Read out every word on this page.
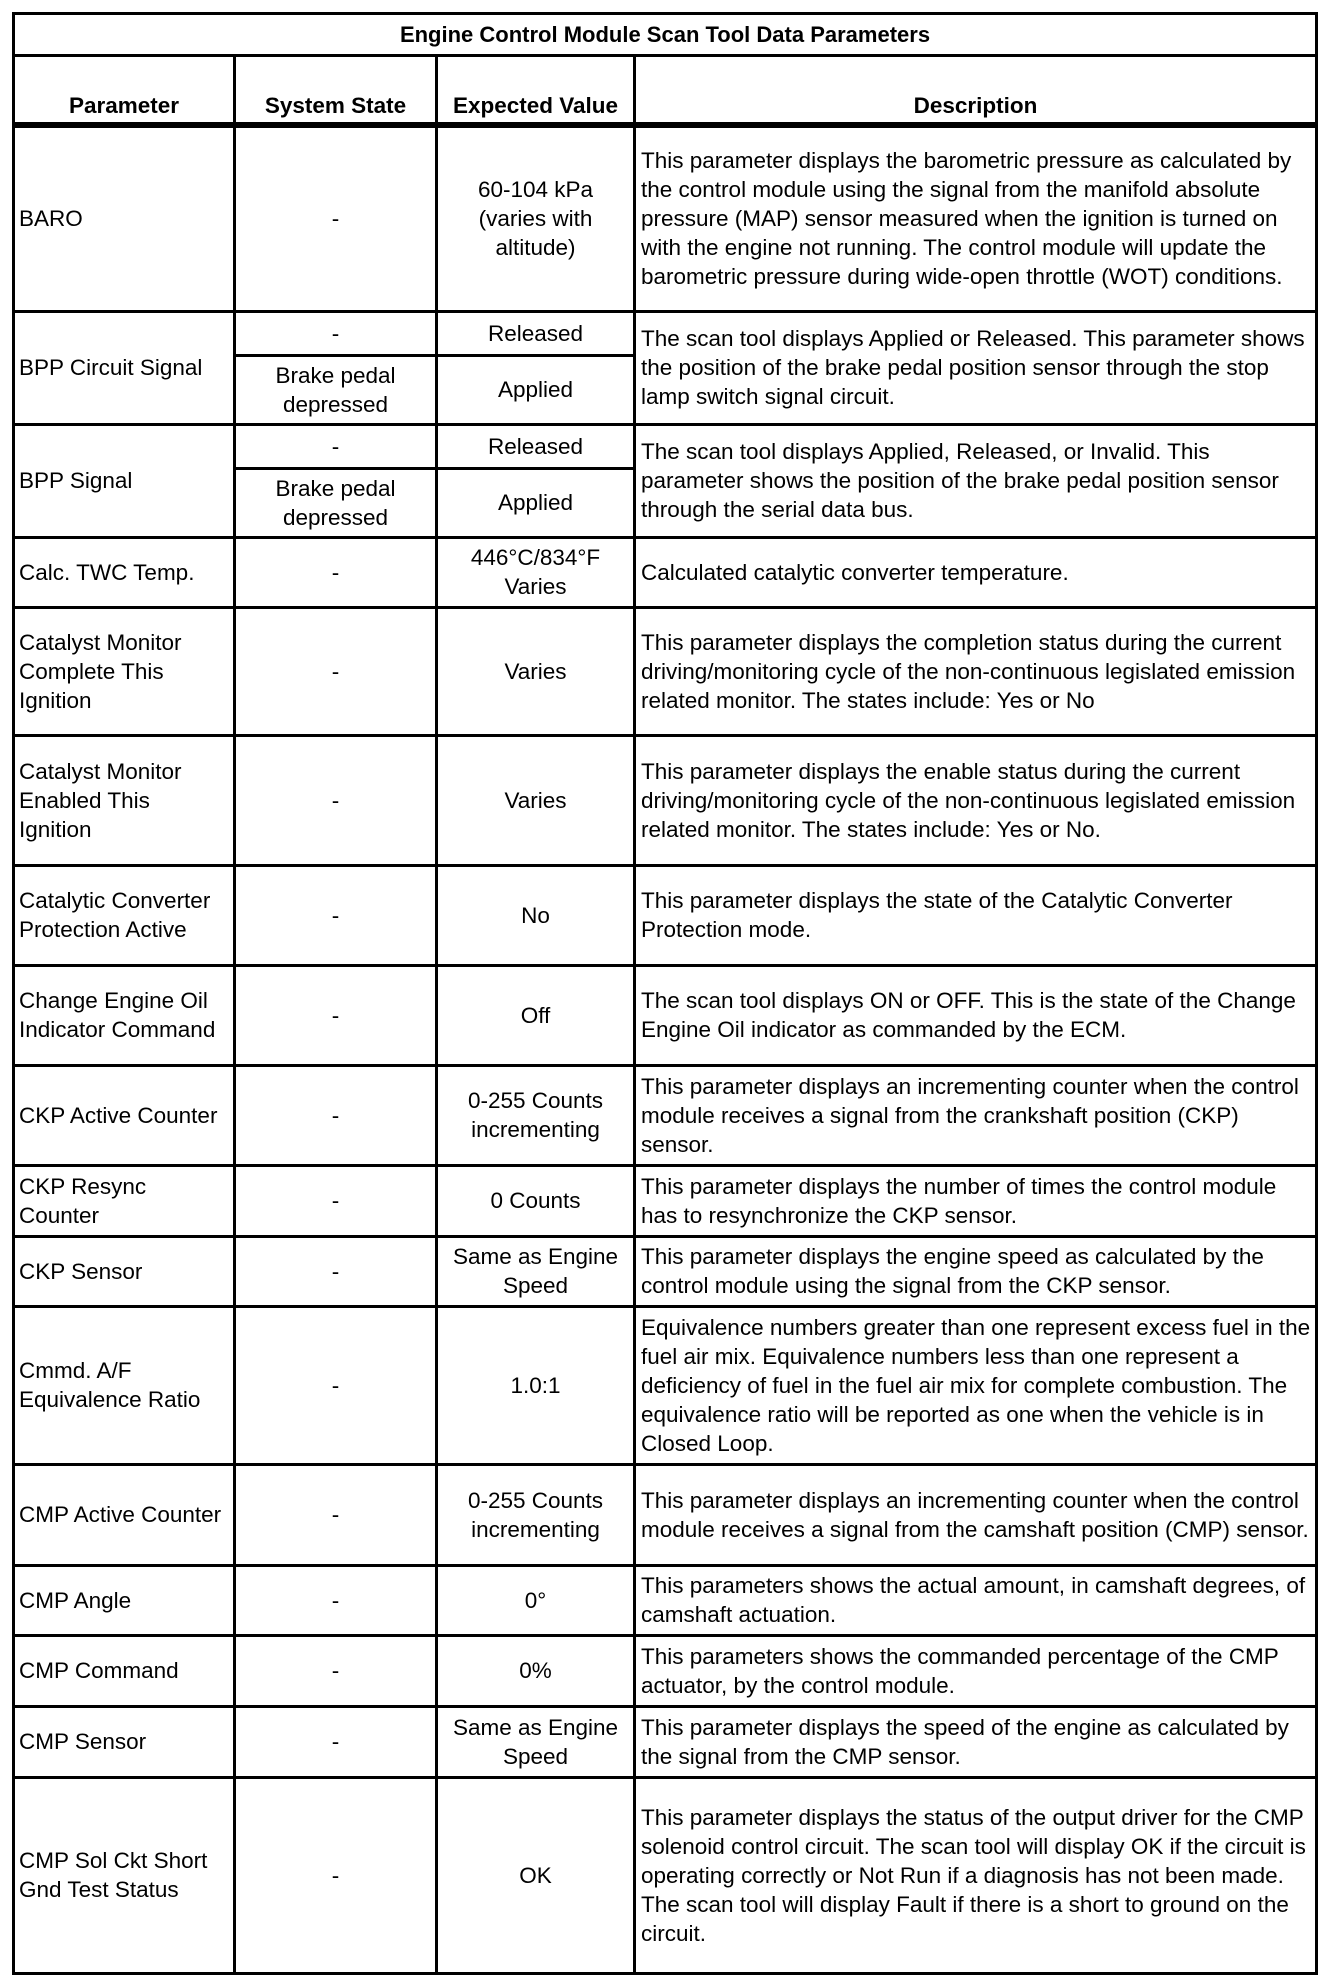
Engine Control Module Scan Tool Data Parameters			
Parameter	System State	Expected Value	Description
BARO	-	60-104 kPa (varies with altitude)	This parameter displays the barometric pressure as calculated by the control module using the signal from the manifold absolute pressure (MAP) sensor measured when the ignition is turned on with the engine not running. The control module will update the barometric pressure during wide-open throttle (WOT) conditions.
BPP Circuit Signal	-	Released	The scan tool displays Applied or Released. This parameter shows the position of the brake pedal position sensor through the stop lamp switch signal circuit.
	Brake pedal depressed	Applied	
BPP Signal	-	Released	The scan tool displays Applied, Released, or Invalid. This parameter shows the position of the brake pedal position sensor through the serial data bus.
	Brake pedal depressed	Applied	
Calc. TWC Temp.	-	446°C/834°F Varies	Calculated catalytic converter temperature.
Catalyst Monitor Complete This Ignition	-	Varies	This parameter displays the completion status during the current driving/monitoring cycle of the non-continuous legislated emission related monitor. The states include: Yes or No
Catalyst Monitor Enabled This Ignition	-	Varies	This parameter displays the enable status during the current driving/monitoring cycle of the non-continuous legislated emission related monitor. The states include: Yes or No.
Catalytic Converter Protection Active	-	No	This parameter displays the state of the Catalytic Converter Protection mode.
Change Engine Oil Indicator Command	-	Off	The scan tool displays ON or OFF. This is the state of the Change Engine Oil indicator as commanded by the ECM.
CKP Active Counter	-	0-255 Counts incrementing	This parameter displays an incrementing counter when the control module receives a signal from the crankshaft position (CKP) sensor.
CKP Resync Counter	-	0 Counts	This parameter displays the number of times the control module has to resynchronize the CKP sensor.
CKP Sensor	-	Same as Engine Speed	This parameter displays the engine speed as calculated by the control module using the signal from the CKP sensor.
Cmmd. A/F Equivalence Ratio	-	1.0:1	Equivalence numbers greater than one represent excess fuel in the fuel air mix. Equivalence numbers less than one represent a deficiency of fuel in the fuel air mix for complete combustion. The equivalence ratio will be reported as one when the vehicle is in Closed Loop.
CMP Active Counter	-	0-255 Counts incrementing	This parameter displays an incrementing counter when the control module receives a signal from the camshaft position (CMP) sensor.
CMP Angle	-	0°	This parameters shows the actual amount, in camshaft degrees, of camshaft actuation.
CMP Command	-	0%	This parameters shows the commanded percentage of the CMP actuator, by the control module.
CMP Sensor	-	Same as Engine Speed	This parameter displays the speed of the engine as calculated by the signal from the CMP sensor.
CMP Sol Ckt Short Gnd Test Status	-	OK	This parameter displays the status of the output driver for the CMP solenoid control circuit. The scan tool will display OK if the circuit is operating correctly or Not Run if a diagnosis has not been made. The scan tool will display Fault if there is a short to ground on the circuit.
